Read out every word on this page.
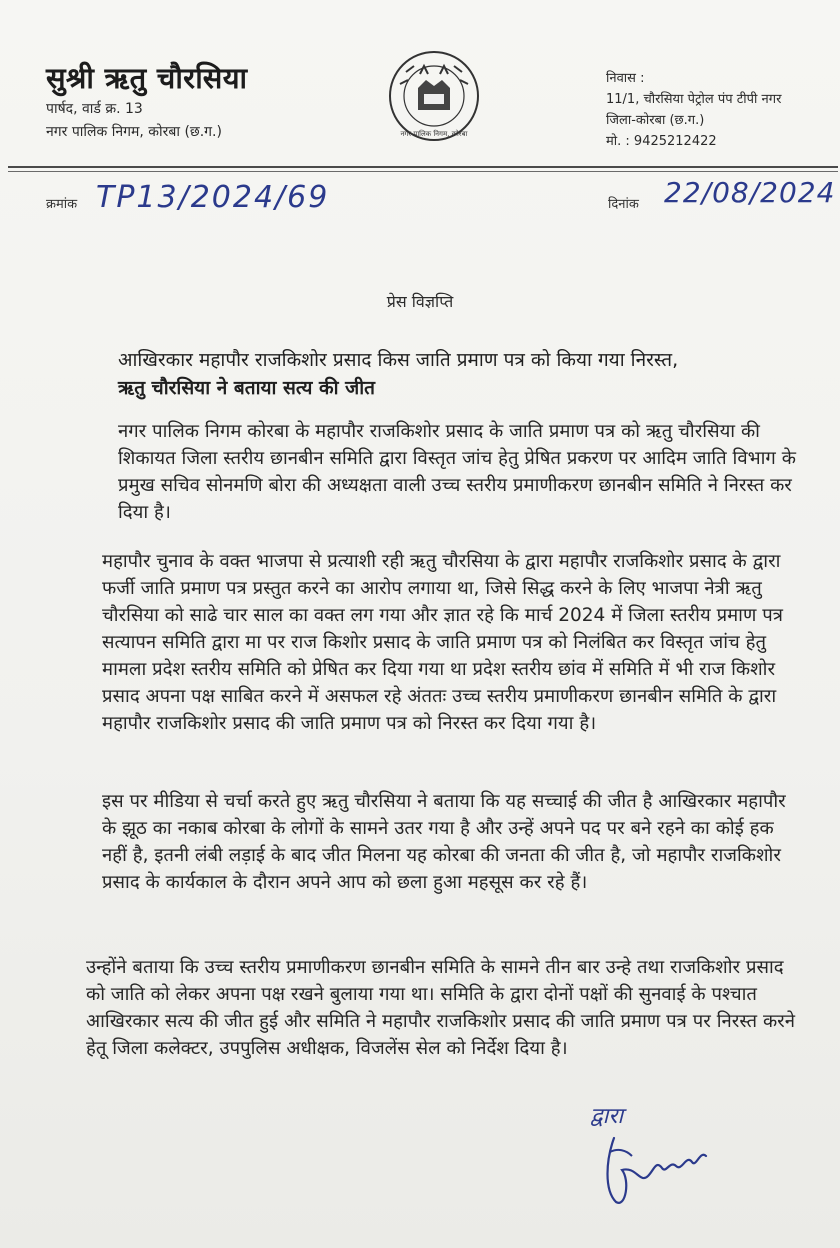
सुश्री ऋतु चौरसिया
पार्षद, वार्ड क्र. 13
नगर पालिक निगम, कोरबा (छ.ग.)	नगर पालिक निगम, कोरबा
निवास :
11/1, चौरसिया पेट्रोल पंप टीपी नगर
जिला-कोरबा (छ.ग.)
मो. : 9425212422
क्रमांक TP13/2024/69	दिनांक 22/08/2024
प्रेस विज्ञप्ति
आखिरकार महापौर राजकिशोर प्रसाद किस जाति प्रमाण पत्र को किया गया निरस्त,
ऋतु चौरसिया ने बताया सत्य की जीत
नगर पालिक निगम कोरबा के महापौर राजकिशोर प्रसाद के जाति प्रमाण पत्र को ऋतु चौरसिया की शिकायत जिला स्तरीय छानबीन समिति द्वारा विस्तृत जांच हेतु प्रेषित प्रकरण पर आदिम जाति विभाग के प्रमुख सचिव सोनमणि बोरा की अध्यक्षता वाली उच्च स्तरीय प्रमाणीकरण छानबीन समिति ने निरस्त कर दिया है।
महापौर चुनाव के वक्त भाजपा से प्रत्याशी रही ऋतु चौरसिया के द्वारा महापौर राजकिशोर प्रसाद के द्वारा फर्जी जाति प्रमाण पत्र प्रस्तुत करने का आरोप लगाया था, जिसे सिद्ध करने के लिए भाजपा नेत्री ऋतु चौरसिया को साढे चार साल का वक्त लग गया और ज्ञात रहे कि मार्च 2024 में जिला स्तरीय प्रमाण पत्र सत्यापन समिति द्वारा मा पर राज किशोर प्रसाद के जाति प्रमाण पत्र को निलंबित कर विस्तृत जांच हेतु मामला प्रदेश स्तरीय समिति को प्रेषित कर दिया गया था प्रदेश स्तरीय छांव में समिति में भी राज किशोर प्रसाद अपना पक्ष साबित करने में असफल रहे अंततः उच्च स्तरीय प्रमाणीकरण छानबीन समिति के द्वारा महापौर राजकिशोर प्रसाद की जाति प्रमाण पत्र को निरस्त कर दिया गया है।
इस पर मीडिया से चर्चा करते हुए ऋतु चौरसिया ने बताया कि यह सच्चाई की जीत है आखिरकार महापौर के झूठ का नकाब कोरबा के लोगों के सामने उतर गया है और उन्हें अपने पद पर बने रहने का कोई हक नहीं है, इतनी लंबी लड़ाई के बाद जीत मिलना यह कोरबा की जनता की जीत है, जो महापौर राजकिशोर प्रसाद के कार्यकाल के दौरान अपने आप को छला हुआ महसूस कर रहे हैं।
उन्होंने बताया कि उच्च स्तरीय प्रमाणीकरण छानबीन समिति के सामने तीन बार उन्हे तथा राजकिशोर प्रसाद को जाति को लेकर अपना पक्ष रखने बुलाया गया था। समिति के द्वारा दोनों पक्षों की सुनवाई के पश्चात आखिरकार सत्य की जीत हुई और समिति ने महापौर राजकिशोर प्रसाद की जाति प्रमाण पत्र पर निरस्त करने हेतू जिला कलेक्टर, उपपुलिस अधीक्षक, विजलेंस सेल को निर्देश दिया है।
द्वारा
